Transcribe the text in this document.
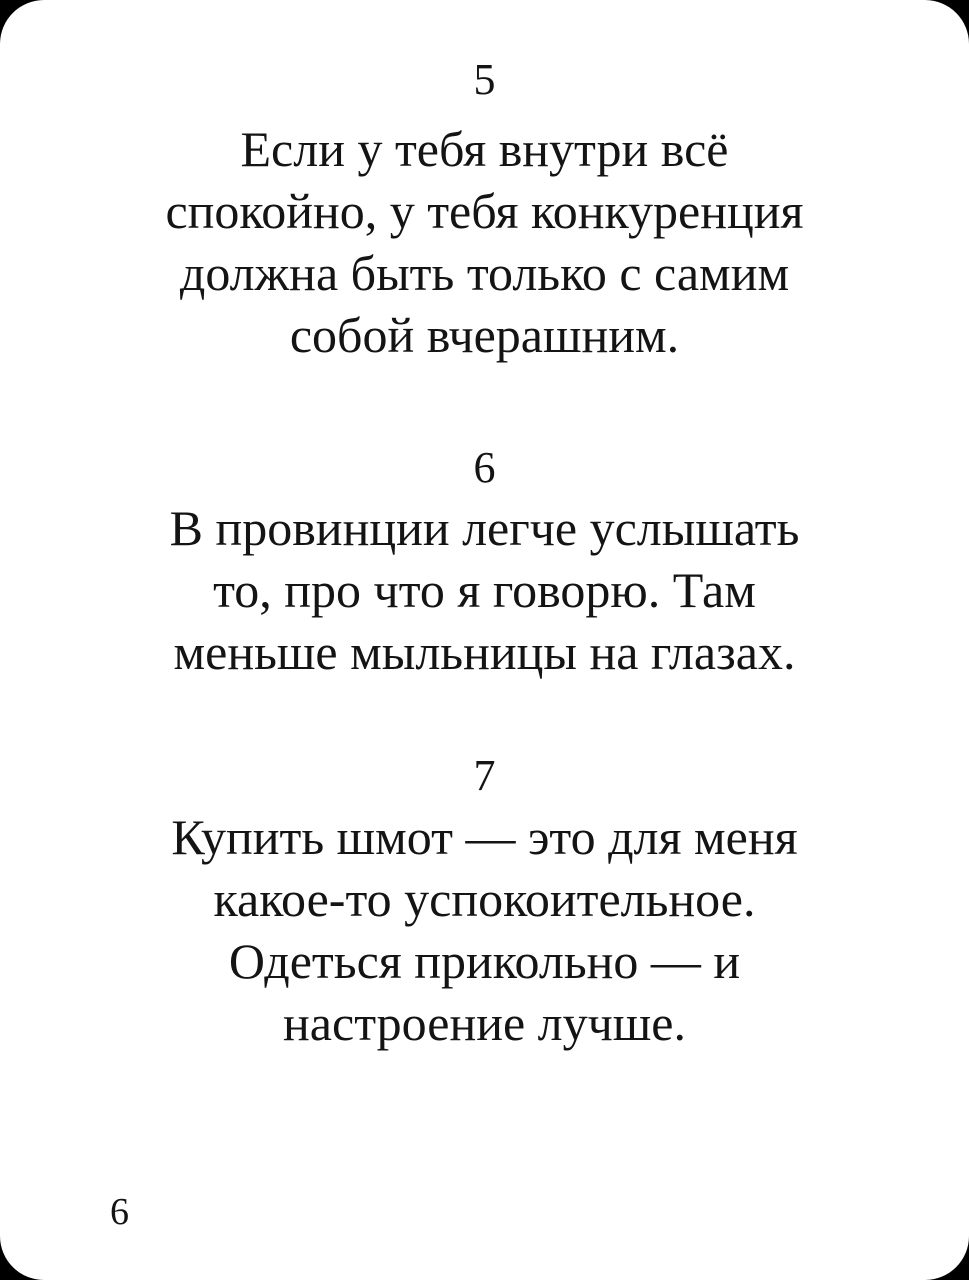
5
Если у тебя внутри всё
спокойно, у тебя конкуренция
должна быть только с самим
собой вчерашним.
6
В провинции легче услышать
то, про что я говорю. Там
меньше мыльницы на глазах.
7
Купить шмот — это для меня
какое-то успокоительное.
Одеться прикольно — и
настроение лучше.
6
